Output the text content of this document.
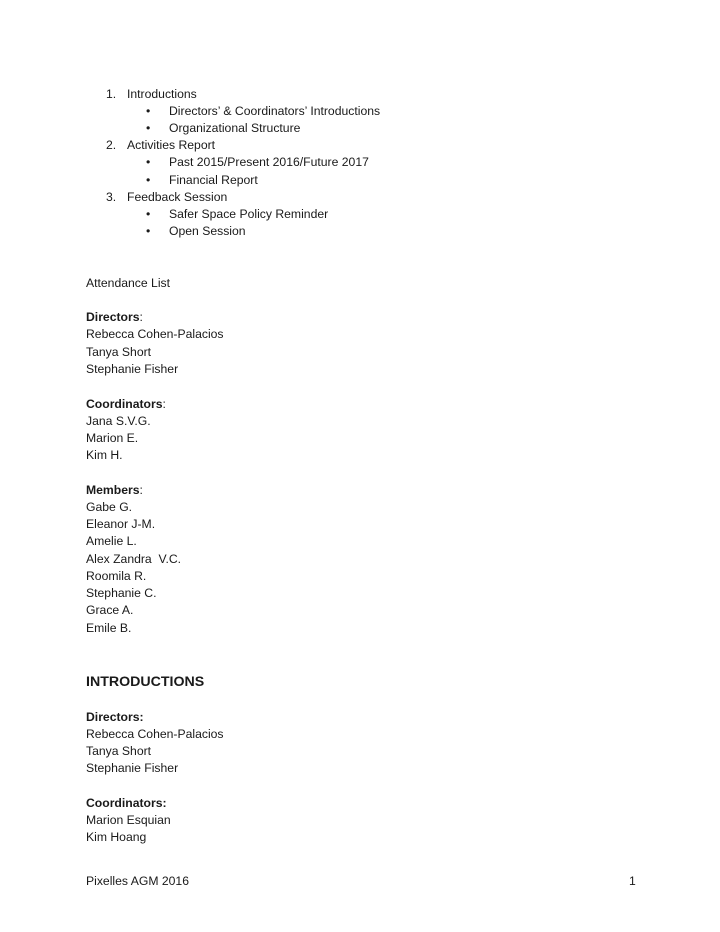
1. Introductions
• Directors’ & Coordinators’ Introductions
• Organizational Structure
2. Activities Report
• Past 2015/Present 2016/Future 2017
• Financial Report
3. Feedback Session
• Safer Space Policy Reminder
• Open Session
Attendance List
Directors:
Rebecca Cohen-Palacios
Tanya Short
Stephanie Fisher
Coordinators:
Jana S.V.G.
Marion E.
Kim H.
Members:
Gabe G.
Eleanor J-M.
Amelie L.
Alex Zandra  V.C.
Roomila R.
Stephanie C.
Grace A.
Emile B.
INTRODUCTIONS
Directors:
Rebecca Cohen-Palacios
Tanya Short
Stephanie Fisher
Coordinators:
Marion Esquian
Kim Hoang
Pixelles AGM 2016	1
